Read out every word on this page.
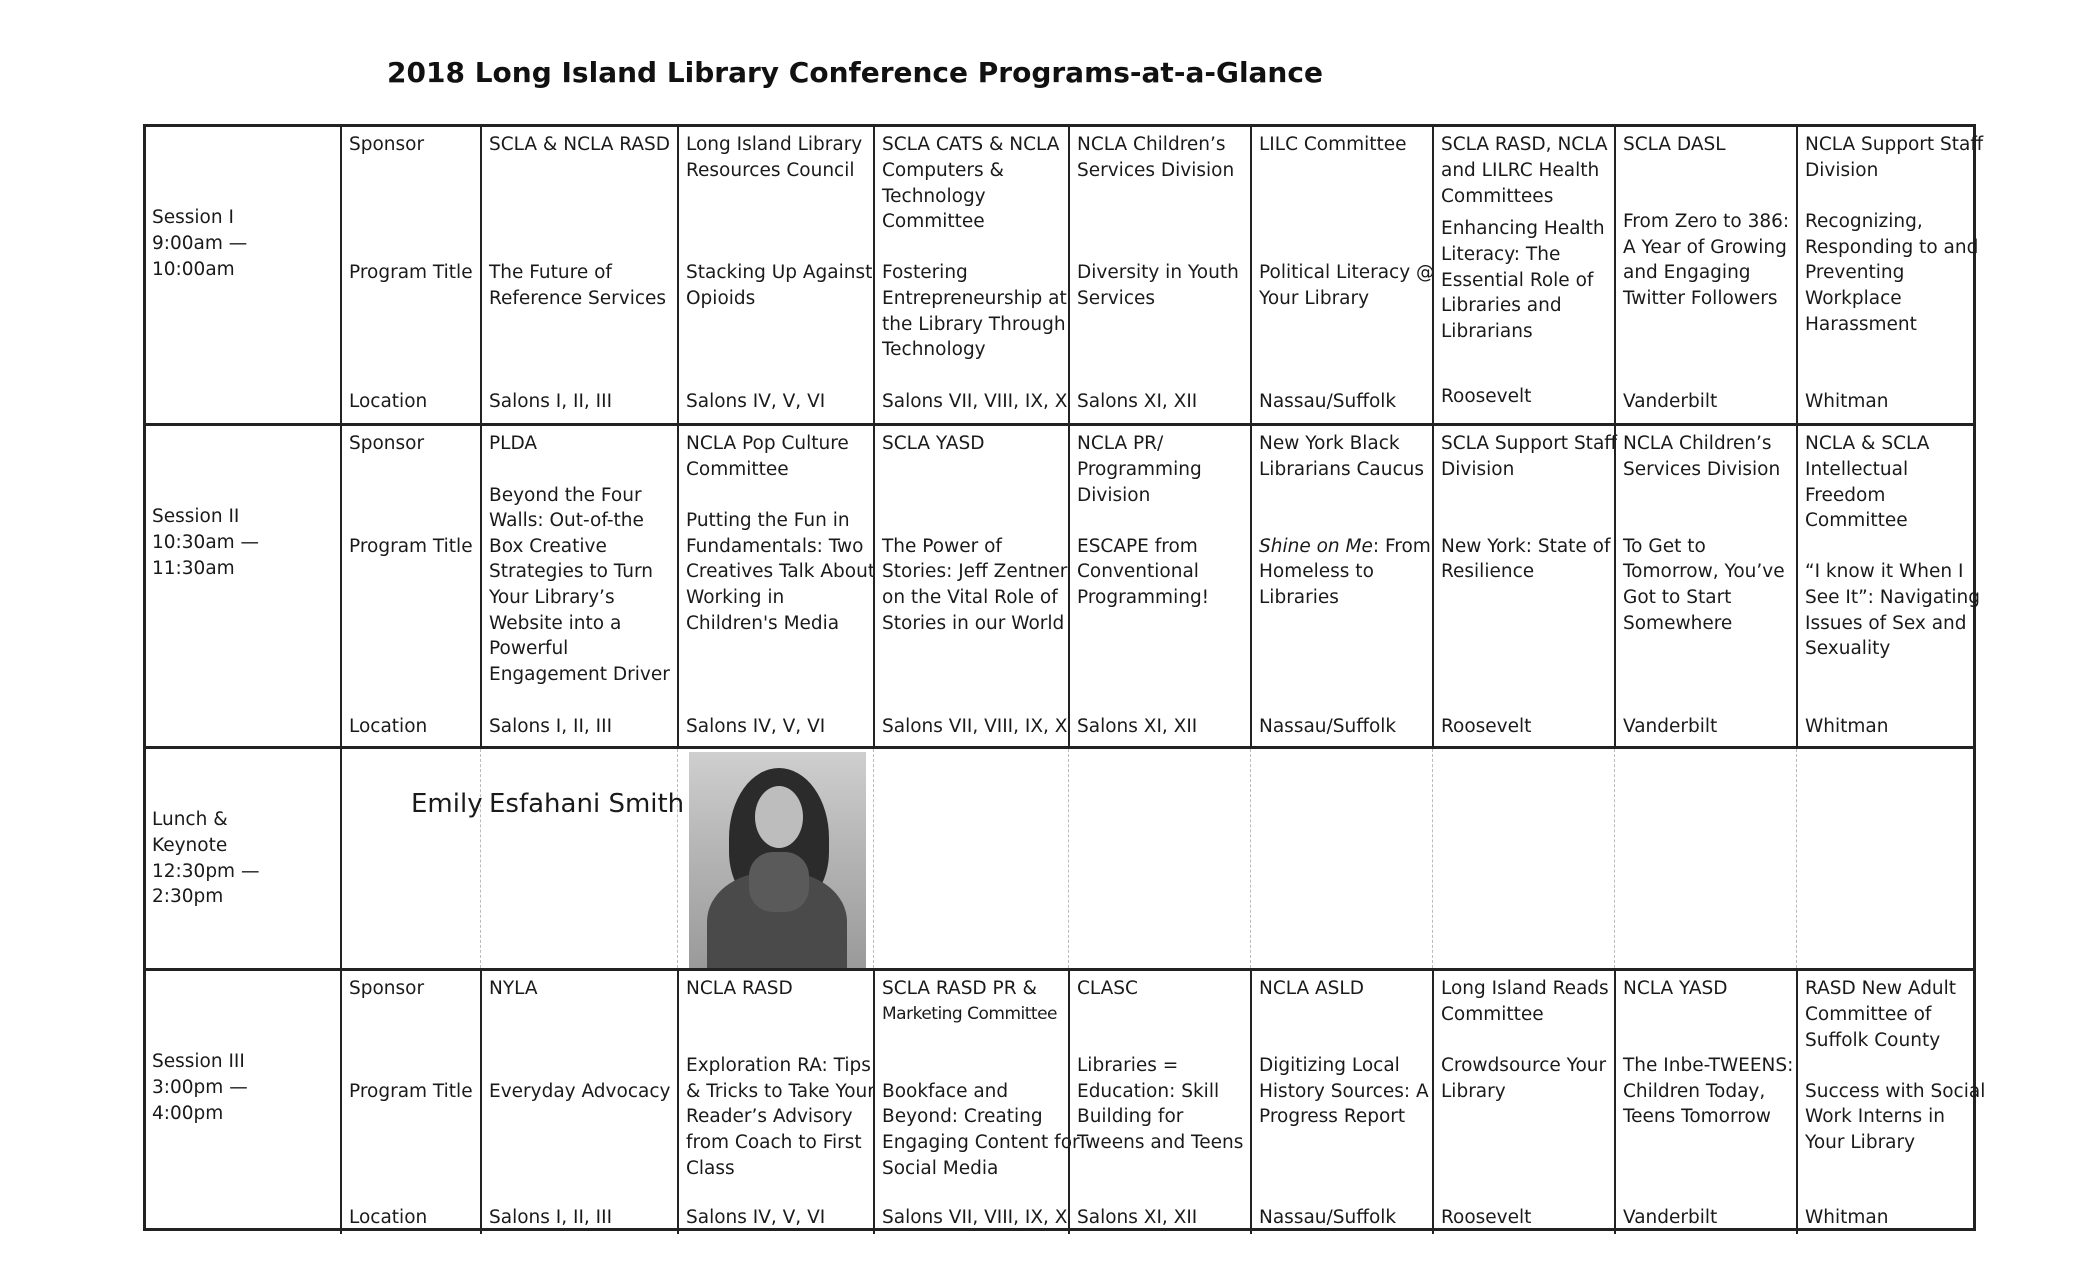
2018 Long Island Library Conference Programs-at-a-Glance
Session I
9:00am —
10:00am
Sponsor
Program Title
Location
SCLA & NCLA RASD
The Future of
Reference Services
Salons I, II, III
Long Island Library
Resources Council
Stacking Up Against
Opioids
Salons IV, V, VI
SCLA CATS & NCLA
Computers &
Technology
Committee
Fostering
Entrepreneurship at
the Library Through
Technology
Salons VII, VIII, IX, X
NCLA Children’s
Services Division
Diversity in Youth
Services
Salons XI, XII
LILC Committee
Political Literacy @
Your Library
Nassau/Suffolk
SCLA RASD, NCLA
and LILRC Health
Committees
Enhancing Health
Literacy: The
Essential Role of
Libraries and
Librarians
Roosevelt
SCLA DASL
From Zero to 386:
A Year of Growing
and Engaging
Twitter Followers
Vanderbilt
NCLA Support Staff
Division
Recognizing,
Responding to and
Preventing
Workplace
Harassment
Whitman
Session II
10:30am —
11:30am
Sponsor
Program Title
Location
PLDA
Beyond the Four
Walls: Out-of-the
Box Creative
Strategies to Turn
Your Library’s
Website into a
Powerful
Engagement Driver
Salons I, II, III
NCLA Pop Culture
Committee
Putting the Fun in
Fundamentals: Two
Creatives Talk About
Working in
Children's Media
Salons IV, V, VI
SCLA YASD
The Power of
Stories: Jeff Zentner
on the Vital Role of
Stories in our World
Salons VII, VIII, IX, X
NCLA PR/
Programming
Division
ESCAPE from
Conventional
Programming!
Salons XI, XII
New York Black
Librarians Caucus
Shine on Me: From
Homeless to
Libraries
Nassau/Suffolk
SCLA Support Staff
Division
New York: State of
Resilience
Roosevelt
NCLA Children’s
Services Division
To Get to
Tomorrow, You’ve
Got to Start
Somewhere
Vanderbilt
NCLA & SCLA
Intellectual
Freedom
Committee
“I know it When I
See It”: Navigating
Issues of Sex and
Sexuality
Whitman
Lunch &
Keynote
12:30pm —
2:30pm
Emily Esfahani Smith
Session III
3:00pm —
4:00pm
Sponsor
Program Title
Location
NYLA
Everyday Advocacy
Salons I, II, III
NCLA RASD
Exploration RA: Tips
& Tricks to Take Your
Reader’s Advisory
from Coach to First
Class
Salons IV, V, VI
SCLA RASD PR &
Marketing Committee
Bookface and
Beyond: Creating
Engaging Content for
Social Media
Salons VII, VIII, IX, X
CLASC
Libraries =
Education: Skill
Building for
Tweens and Teens
Salons XI, XII
NCLA ASLD
Digitizing Local
History Sources: A
Progress Report
Nassau/Suffolk
Long Island Reads
Committee
Crowdsource Your
Library
Roosevelt
NCLA YASD
The Inbe-TWEENS:
Children Today,
Teens Tomorrow
Vanderbilt
RASD New Adult
Committee of
Suffolk County
Success with Social
Work Interns in
Your Library
Whitman
